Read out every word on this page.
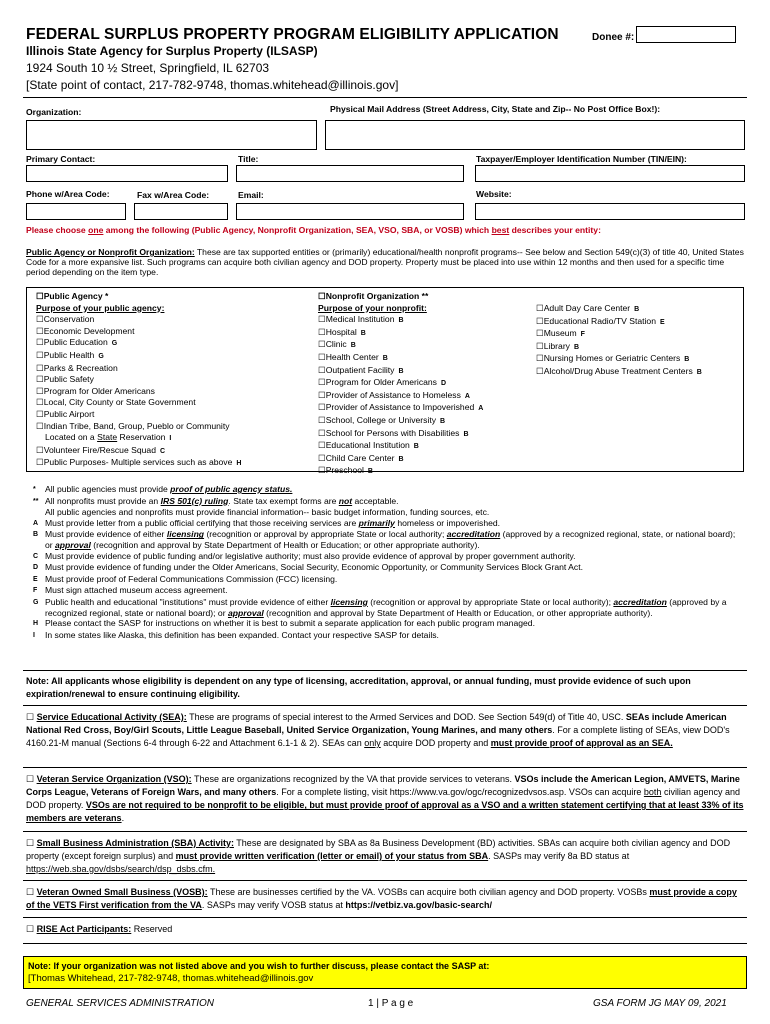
FEDERAL SURPLUS PROPERTY PROGRAM ELIGIBILITY APPLICATION	Donee #:
Illinois State Agency for Surplus Property (ILSASP)
1924 South 10 ½ Street, Springfield, IL 62703
[State point of contact, 217-782-9748, thomas.whitehead@illinois.gov]
Organization:	Physical Mail Address (Street Address, City, State and Zip-- No Post Office Box!):
Primary Contact:	Title:	Taxpayer/Employer Identification Number (TIN/EIN):
Phone w/Area Code:	Fax w/Area Code:	Email:	Website:
Please choose one among the following (Public Agency, Nonprofit Organization, SEA, VSO, SBA, or VOSB) which best describes your entity:
Public Agency or Nonprofit Organization: These are tax supported entities or (primarily) educational/health nonprofit programs-- See below and Section 549(c)(3) of title 40, United States Code for a more expansive list. Such programs can acquire both civilian agency and DOD property. Property must be placed into use within 12 months and then used for a specific time period depending on the item type.
☐Public Agency *
Purpose of your public agency:
☐Conservation
☐Economic Development
☐Public Education G
☐Public Health G
☐Parks & Recreation
☐Public Safety
☐Program for Older Americans
☐Local, City County or State Government
☐Public Airport
☐Indian Tribe, Band, Group, Pueblo or Community
Located on a State Reservation I
☐Volunteer Fire/Rescue Squad C
☐Public Purposes- Multiple services such as above H
☐Nonprofit Organization **
Purpose of your nonprofit:
☐Medical Institution B
☐Hospital B
☐Clinic B
☐Health Center B
☐Outpatient Facility B
☐Program for Older Americans D
☐Provider of Assistance to Homeless A
☐Provider of Assistance to Impoverished A
☐School, College or University B
☐School for Persons with Disabilities B
☐Educational Institution B
☐Child Care Center B
☐Preschool B
☐Adult Day Care Center B
☐Educational Radio/TV Station E
☐Museum F
☐Library B
☐Nursing Homes or Geriatric Centers B
☐Alcohol/Drug Abuse Treatment Centers B
*	All public agencies must provide proof of public agency status.
** All nonprofits must provide an IRS 501(c) ruling. State tax exempt forms are not acceptable.
All public agencies and nonprofits must provide financial information-- basic budget information, funding sources, etc.
A Must provide letter from a public official certifying that those receiving services are primarily homeless or impoverished.
B Must provide evidence of either licensing (recognition or approval by appropriate State or local authority; accreditation (approved by a recognized regional, state, or national board); or approval (recognition and approval by State Department of Health or Education; or other appropriate authority).
C Must provide evidence of public funding and/or legislative authority; must also provide evidence of approval by proper government authority.
D Must provide evidence of funding under the Older Americans, Social Security, Economic Opportunity, or Community Services Block Grant Act.
E Must provide proof of Federal Communications Commission (FCC) licensing.
F Must sign attached museum access agreement.
G Public health and educational "institutions" must provide evidence of either licensing (recognition or approval by appropriate State or local authority); accreditation (approved by a recognized regional, state or national board); or approval (recognition and approval by State Department of Health or Education, or other appropriate authority).
H Please contact the SASP for instructions on whether it is best to submit a separate application for each public program managed.
I	In some states like Alaska, this definition has been expanded. Contact your respective SASP for details.
Note: All applicants whose eligibility is dependent on any type of licensing, accreditation, approval, or annual funding, must provide evidence of such upon expiration/renewal to ensure continuing eligibility.
☐ Service Educational Activity (SEA): These are programs of special interest to the Armed Services and DOD. See Section 549(d) of Title 40, USC. SEAs include American National Red Cross, Boy/Girl Scouts, Little League Baseball, United Service Organization, Young Marines, and many others. For a complete listing of SEAs, view DOD's 4160.21-M manual (Sections 6-4 through 6-22 and Attachment 6.1-1 & 2). SEAs can only acquire DOD property and must provide proof of approval as an SEA.
☐ Veteran Service Organization (VSO): These are organizations recognized by the VA that provide services to veterans. VSOs include the American Legion, AMVETS, Marine Corps League, Veterans of Foreign Wars, and many others. For a complete listing, visit https://www.va.gov/ogc/recognizedvsos.asp. VSOs can acquire both civilian agency and DOD property. VSOs are not required to be nonprofit to be eligible, but must provide proof of approval as a VSO and a written statement certifying that at least 33% of its members are veterans.
☐ Small Business Administration (SBA) Activity: These are designated by SBA as 8a Business Development (BD) activities. SBAs can acquire both civilian agency and DOD property (except foreign surplus) and must provide written verification (letter or email) of your status from SBA. SASPs may verify 8a BD status at https://web.sba.gov/dsbs/search/dsp_dsbs.cfm.
☐ Veteran Owned Small Business (VOSB): These are businesses certified by the VA. VOSBs can acquire both civilian agency and DOD property. VOSBs must provide a copy of the VETS First verification from the VA. SASPs may verify VOSB status at https://vetbiz.va.gov/basic-search/
☐ RISE Act Participants: Reserved
Note: If your organization was not listed above and you wish to further discuss, please contact the SASP at:
[Thomas Whitehead, 217-782-9748, thomas.whitehead@illinois.gov
GENERAL SERVICES ADMINISTRATION	1 | P a g e	GSA FORM JG MAY 09, 2021
